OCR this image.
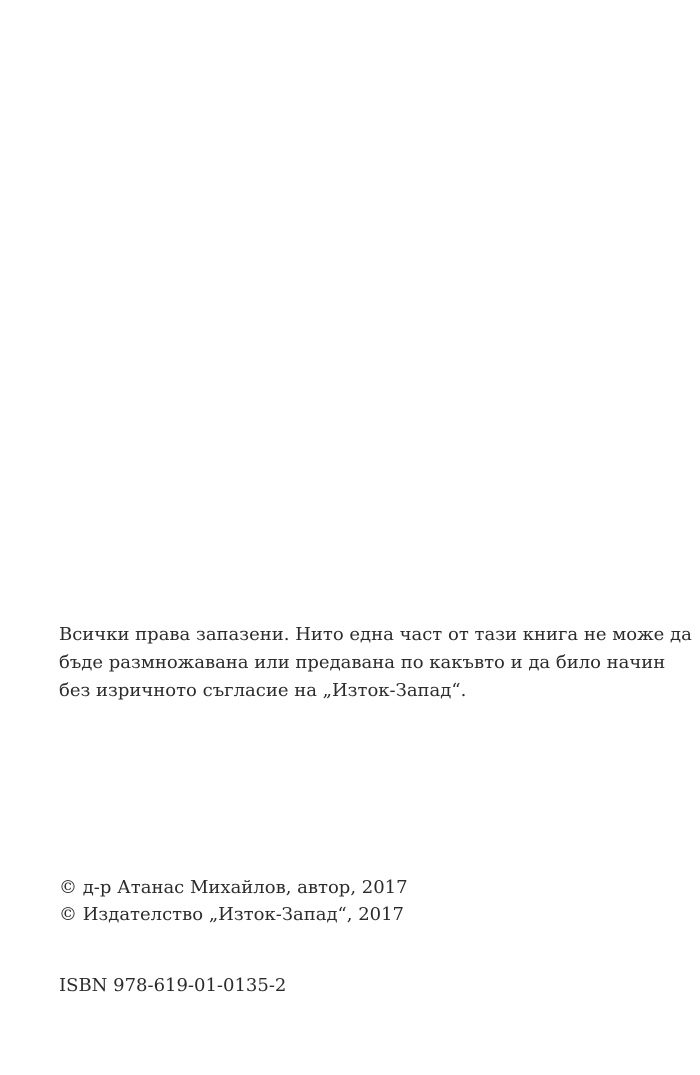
Всички права запазени. Нито една част от тази книга не може да
бъде размножавана или предавана по какъвто и да било начин
без изричното съгласие на „Изток-Запад“.

© д-р Атанас Михайлов, автор, 2017
© Издателство „Изток-Запад“, 2017

ISBN 978-619-01-0135-2
